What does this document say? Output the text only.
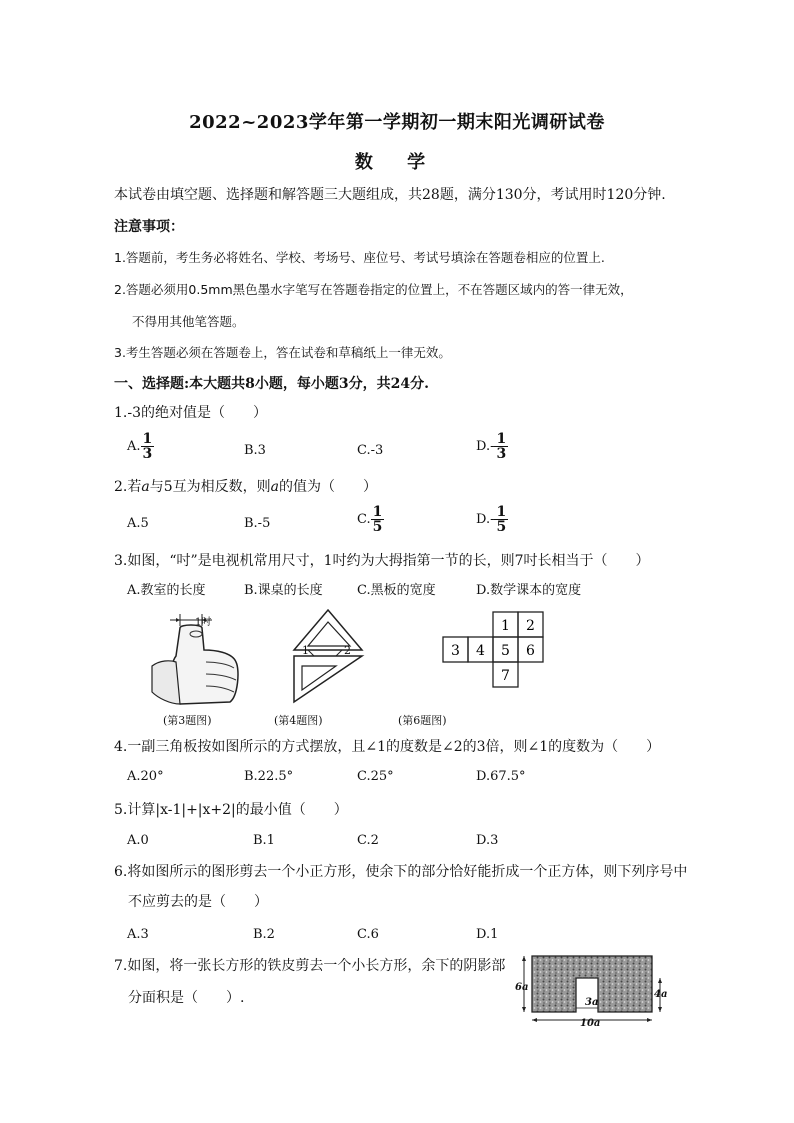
2022~2023学年第一学期初一期末阳光调研试卷
数 学
本试卷由填空题、选择题和解答题三大题组成，共28题，满分130分，考试用时120分钟.
注意事项：
1.答题前，考生务必将姓名、学校、考场号、座位号、考试号填涂在答题卷相应的位置上.
2.答题必须用0.5mm黑色墨水字笔写在答题卷指定的位置上，不在答题区域内的答一律无效，
不得用其他笔答题。
3.考生答题必须在答题卷上，答在试卷和草稿纸上一律无效。
一、选择题:本大题共8小题，每小题3分，共24分.
1.-3的绝对值是（　　）
A. $\frac{1}{3}$	B.3	C.-3	$D.- \frac{1}{3}$
2.若a与5互为相反数，则a的值为（　　）
A.5	B.-5	C. $\frac{1}{5}$	$D.- \frac{1}{5}$
3.如图，“吋”是电视机常用尺寸，1吋约为大拇指第一节的长，则7吋长相当于（　　）
A.教室的长度	B.课桌的长度	C.黑板的宽度	D.数学课本的宽度
1吋
(第3题图)
1	2
(第4题图)
1 2
3 4 5 6
7
(第6题图)
4.一副三角板按如图所示的方式摆放，且∠1的度数是∠2的3倍，则∠1的度数为（　　）
A.20°	B.22.5°	C.25°	D.67.5°
5.计算|x-1|+|x+2|的最小值（　　）
A.0	B.1	C.2	D.3
6.将如图所示的图形剪去一个小正方形，使余下的部分恰好能折成一个正方体，则下列序号中
不应剪去的是（　　）
A.3	B.2	C.6	D.1
7.如图，将一张长方形的铁皮剪去一个小长方形，余下的阴影部
分面积是（　　）.
6a
4a
3a
10a
